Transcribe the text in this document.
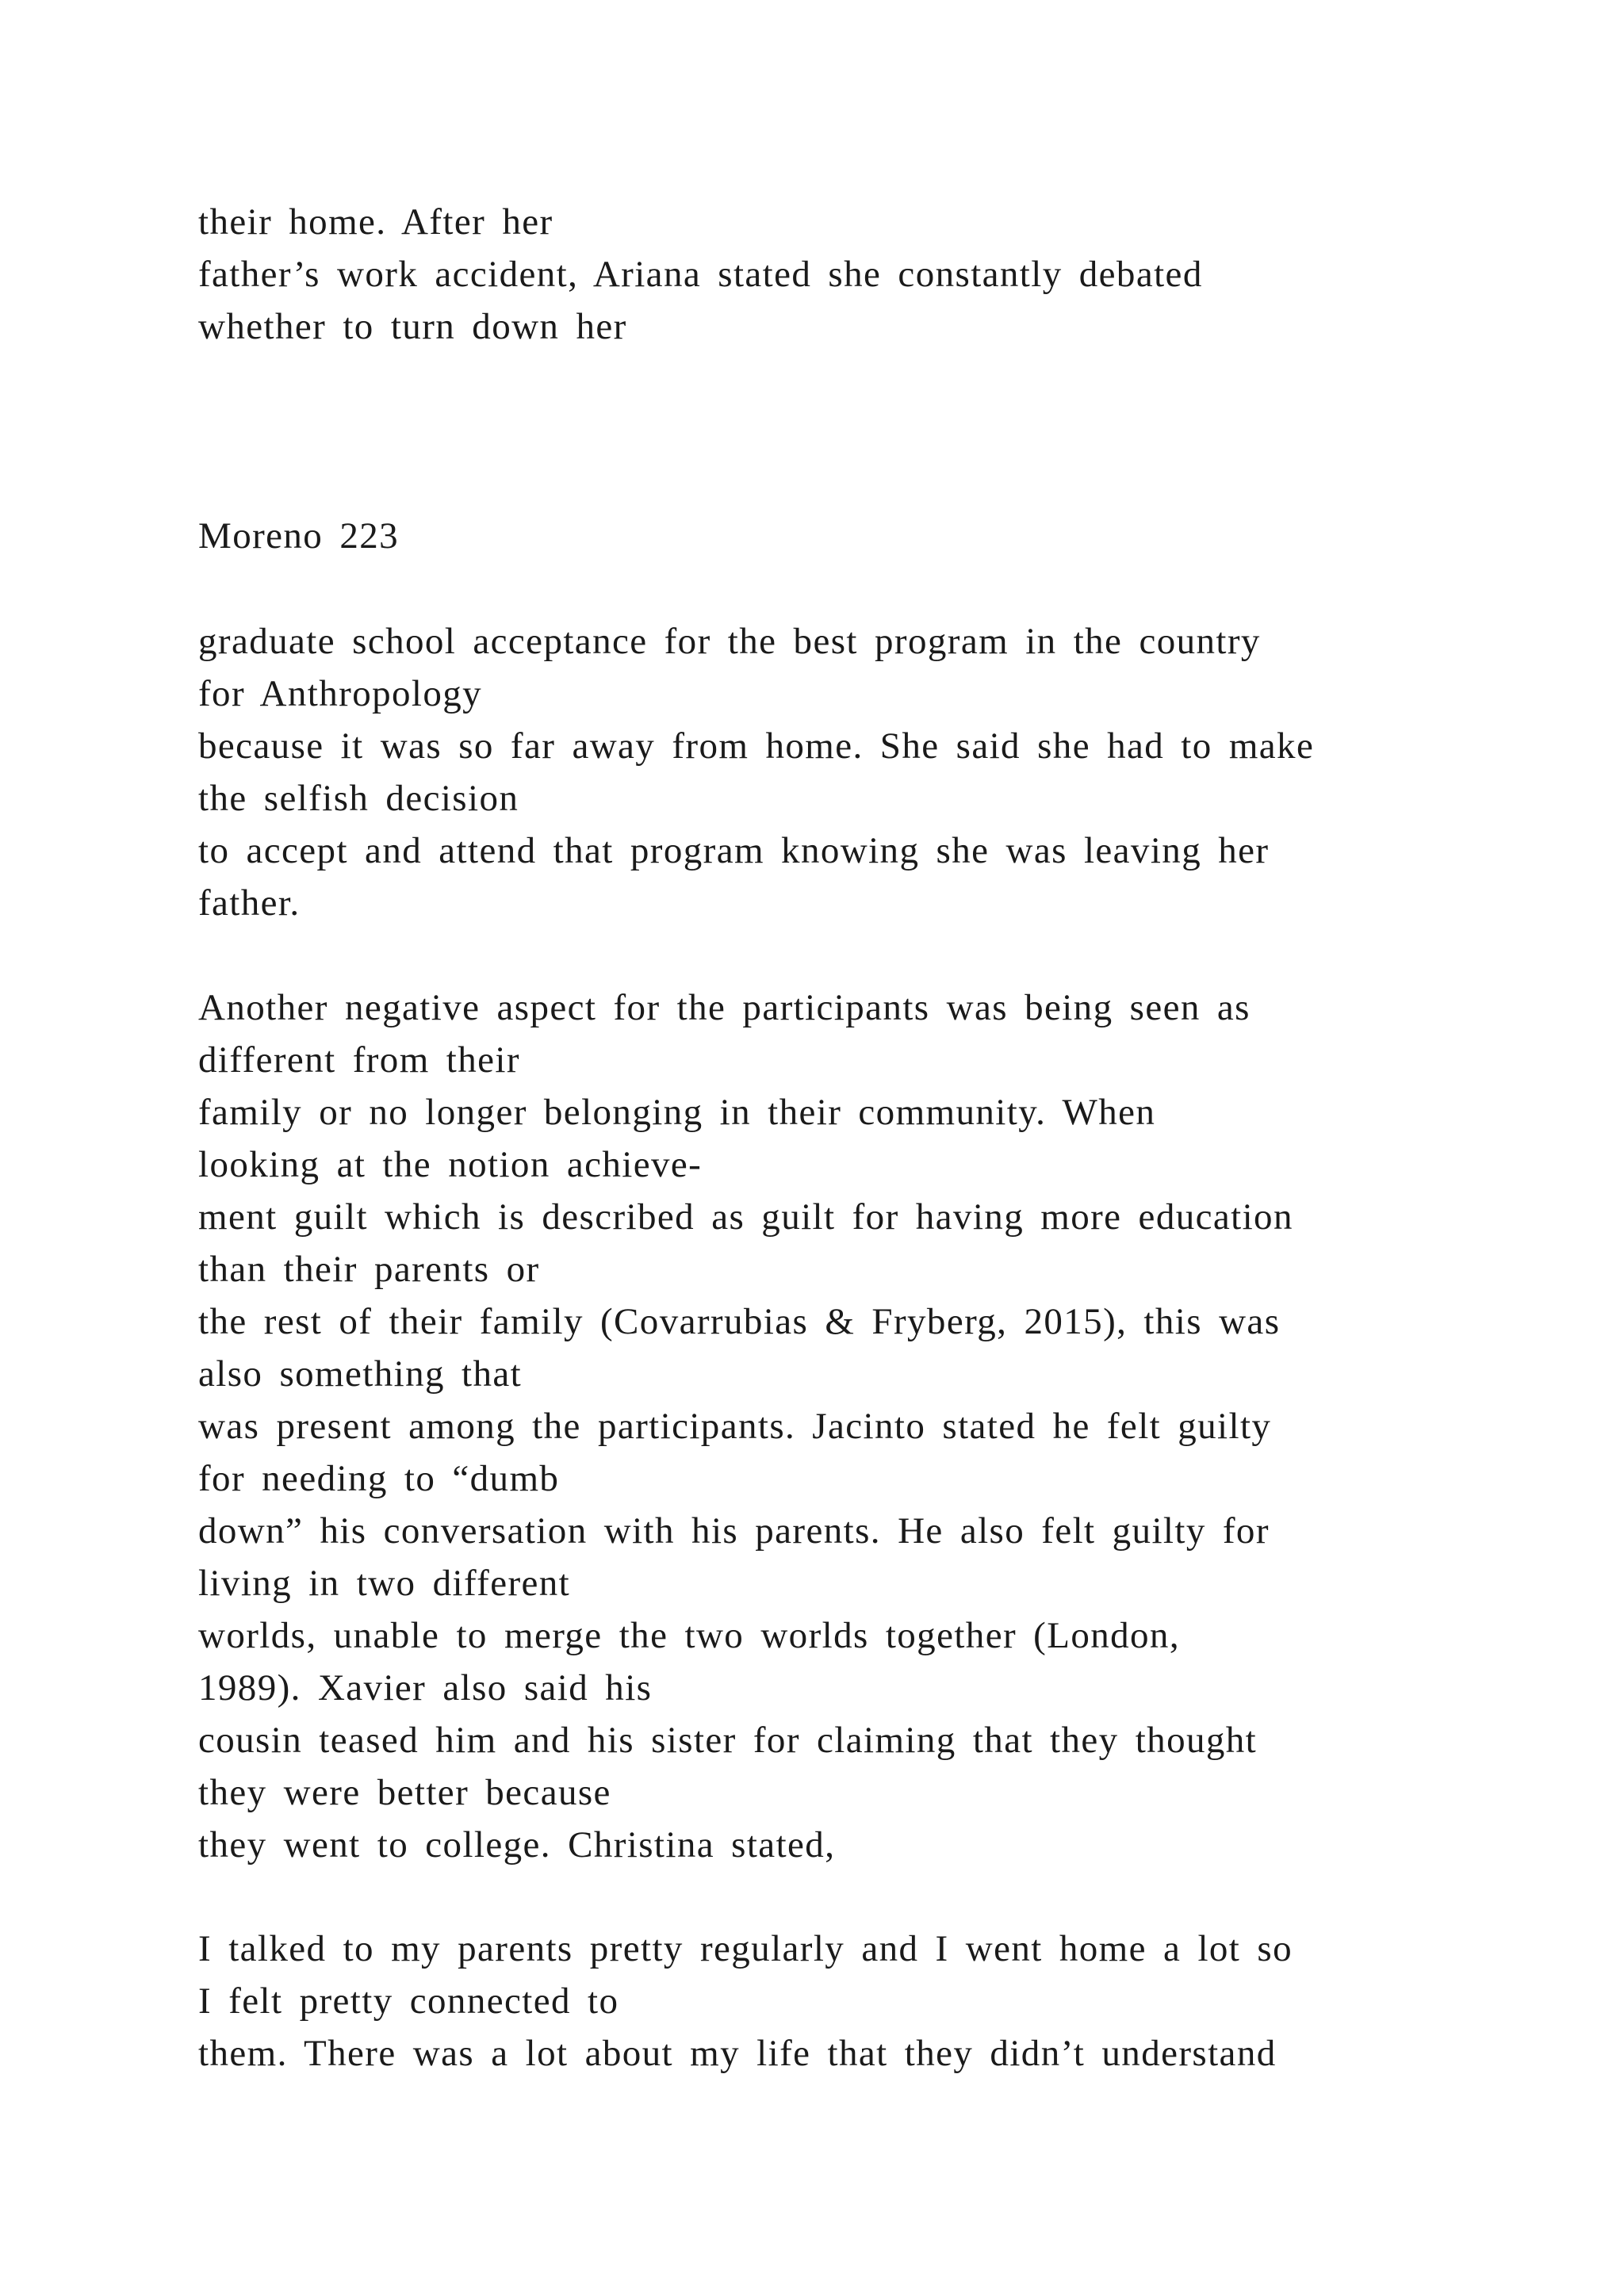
their home. After her

father’s work accident, Ariana stated she constantly debated

whether to turn down her

Moreno 223

graduate school acceptance for the best program in the country

for Anthropology

because it was so far away from home. She said she had to make

the selfish decision

to accept and attend that program knowing she was leaving her

father.

Another negative aspect for the participants was being seen as

different from their

family or no longer belonging in their community. When

looking at the notion achieve-

ment guilt which is described as guilt for having more education

than their parents or

the rest of their family (Covarrubias & Fryberg, 2015), this was

also something that

was present among the participants. Jacinto stated he felt guilty

for needing to “dumb

down” his conversation with his parents. He also felt guilty for

living in two different

worlds, unable to merge the two worlds together (London,

1989). Xavier also said his

cousin teased him and his sister for claiming that they thought

they were better because

they went to college. Christina stated,

I talked to my parents pretty regularly and I went home a lot so

I felt pretty connected to

them. There was a lot about my life that they didn’t understand
